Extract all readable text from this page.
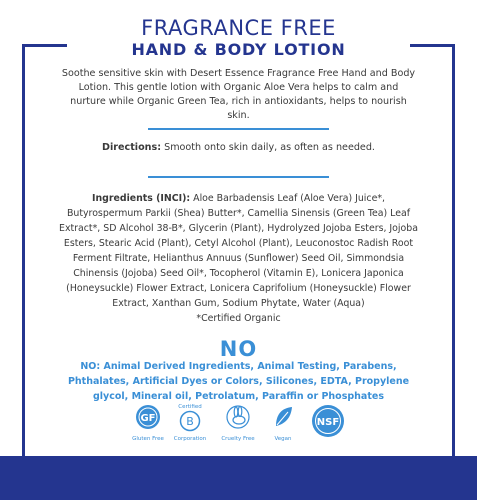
FRAGRANCE FREE
HAND & BODY LOTION
Soothe sensitive skin with Desert Essence Fragrance Free Hand and Body Lotion. This gentle lotion with Organic Aloe Vera helps to calm and nurture while Organic Green Tea, rich in antioxidants, helps to nourish skin.
Directions: Smooth onto skin daily, as often as needed.
Ingredients (INCI): Aloe Barbadensis Leaf (Aloe Vera) Juice*, Butyrospermum Parkii (Shea) Butter*, Camellia Sinensis (Green Tea) Leaf Extract*, SD Alcohol 38-B*, Glycerin (Plant), Hydrolyzed Jojoba Esters, Jojoba Esters, Stearic Acid (Plant), Cetyl Alcohol (Plant), Leuconostoc Radish Root Ferment Filtrate, Helianthus Annuus (Sunflower) Seed Oil, Simmondsia Chinensis (Jojoba) Seed Oil*, Tocopherol (Vitamin E), Lonicera Japonica (Honeysuckle) Flower Extract, Lonicera Caprifolium (Honeysuckle) Flower Extract, Xanthan Gum, Sodium Phytate, Water (Aqua)
*Certified Organic
NO
NO: Animal Derived Ingredients, Animal Testing, Parabens, Phthalates, Artificial Dyes or Colors, Silicones, EDTA, Propylene glycol, Mineral oil, Petrolatum, Paraffin or Phosphates
GF
Gluten Free
Certified
B
Corporation	Cruelty Free	Vegan
NSF
